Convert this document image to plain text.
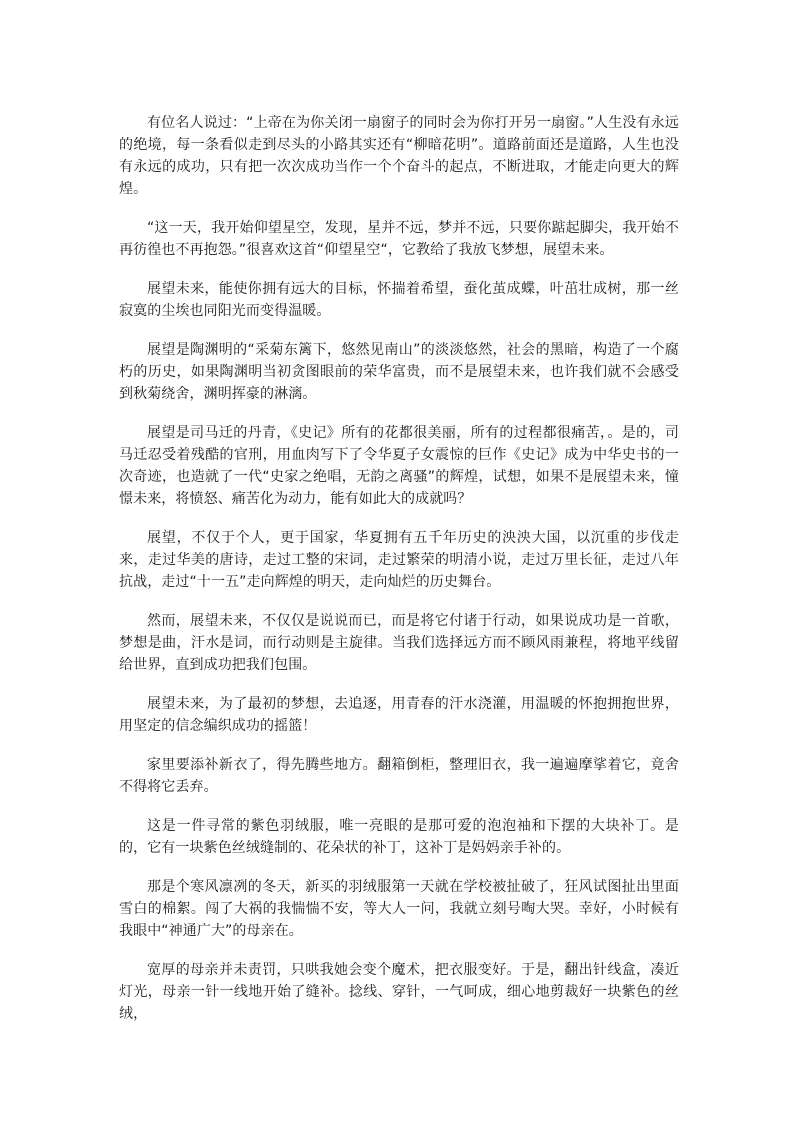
有位名人说过：“上帝在为你关闭一扇窗子的同时会为你打开另一扇窗。”人生没有永远的绝境，每一条看似走到尽头的小路其实还有“柳暗花明”。道路前面还是道路，人生也没有永远的成功，只有把一次次成功当作一个个奋斗的起点，不断进取，才能走向更大的辉煌。

“这一天，我开始仰望星空，发现，星并不远，梦并不远，只要你踮起脚尖，我开始不再彷徨也不再抱怨。”很喜欢这首“仰望星空“，它教给了我放飞梦想，展望未来。

展望未来，能使你拥有远大的目标，怀揣着希望，蚕化茧成蝶，叶茁壮成树，那一丝寂寞的尘埃也同阳光而变得温暖。

展望是陶渊明的“采菊东篱下，悠然见南山”的淡淡悠然，社会的黑暗，构造了一个腐朽的历史，如果陶渊明当初贪图眼前的荣华富贵，而不是展望未来，也许我们就不会感受到秋菊绕舍，渊明挥豪的淋漓。

展望是司马迁的丹青，《史记》所有的花都很美丽，所有的过程都很痛苦，。是的，司马迁忍受着残酷的官刑，用血肉写下了令华夏子女震惊的巨作《史记》成为中华史书的一次奇迹，也造就了一代“史家之绝唱，无韵之离骚”的辉煌，试想，如果不是展望未来，憧憬未来，将愤怒、痛苦化为动力，能有如此大的成就吗？

展望，不仅于个人，更于国家，华夏拥有五千年历史的泱泱大国，以沉重的步伐走来，走过华美的唐诗，走过工整的宋词，走过繁荣的明清小说，走过万里长征，走过八年抗战，走过“十一五”走向辉煌的明天，走向灿烂的历史舞台。

然而，展望未来，不仅仅是说说而已，而是将它付诸于行动，如果说成功是一首歌，梦想是曲，汗水是词，而行动则是主旋律。当我们选择远方而不顾风雨兼程，将地平线留给世界，直到成功把我们包围。

展望未来，为了最初的梦想，去追逐，用青春的汗水浇灌，用温暖的怀抱拥抱世界，用坚定的信念编织成功的摇篮！

家里要添补新衣了，得先腾些地方。翻箱倒柜，整理旧衣，我一遍遍摩挲着它，竟舍不得将它丢弃。

这是一件寻常的紫色羽绒服，唯一亮眼的是那可爱的泡泡袖和下摆的大块补丁。是的，它有一块紫色丝绒缝制的、花朵状的补丁，这补丁是妈妈亲手补的。

那是个寒风凛冽的冬天，新买的羽绒服第一天就在学校被扯破了，狂风试图扯出里面雪白的棉絮。闯了大祸的我惴惴不安，等大人一问，我就立刻号啕大哭。幸好，小时候有我眼中“神通广大”的母亲在。

宽厚的母亲并未责罚，只哄我她会变个魔术，把衣服变好。于是，翻出针线盒，凑近灯光，母亲一针一线地开始了缝补。捻线、穿针，一气呵成，细心地剪裁好一块紫色的丝绒，
